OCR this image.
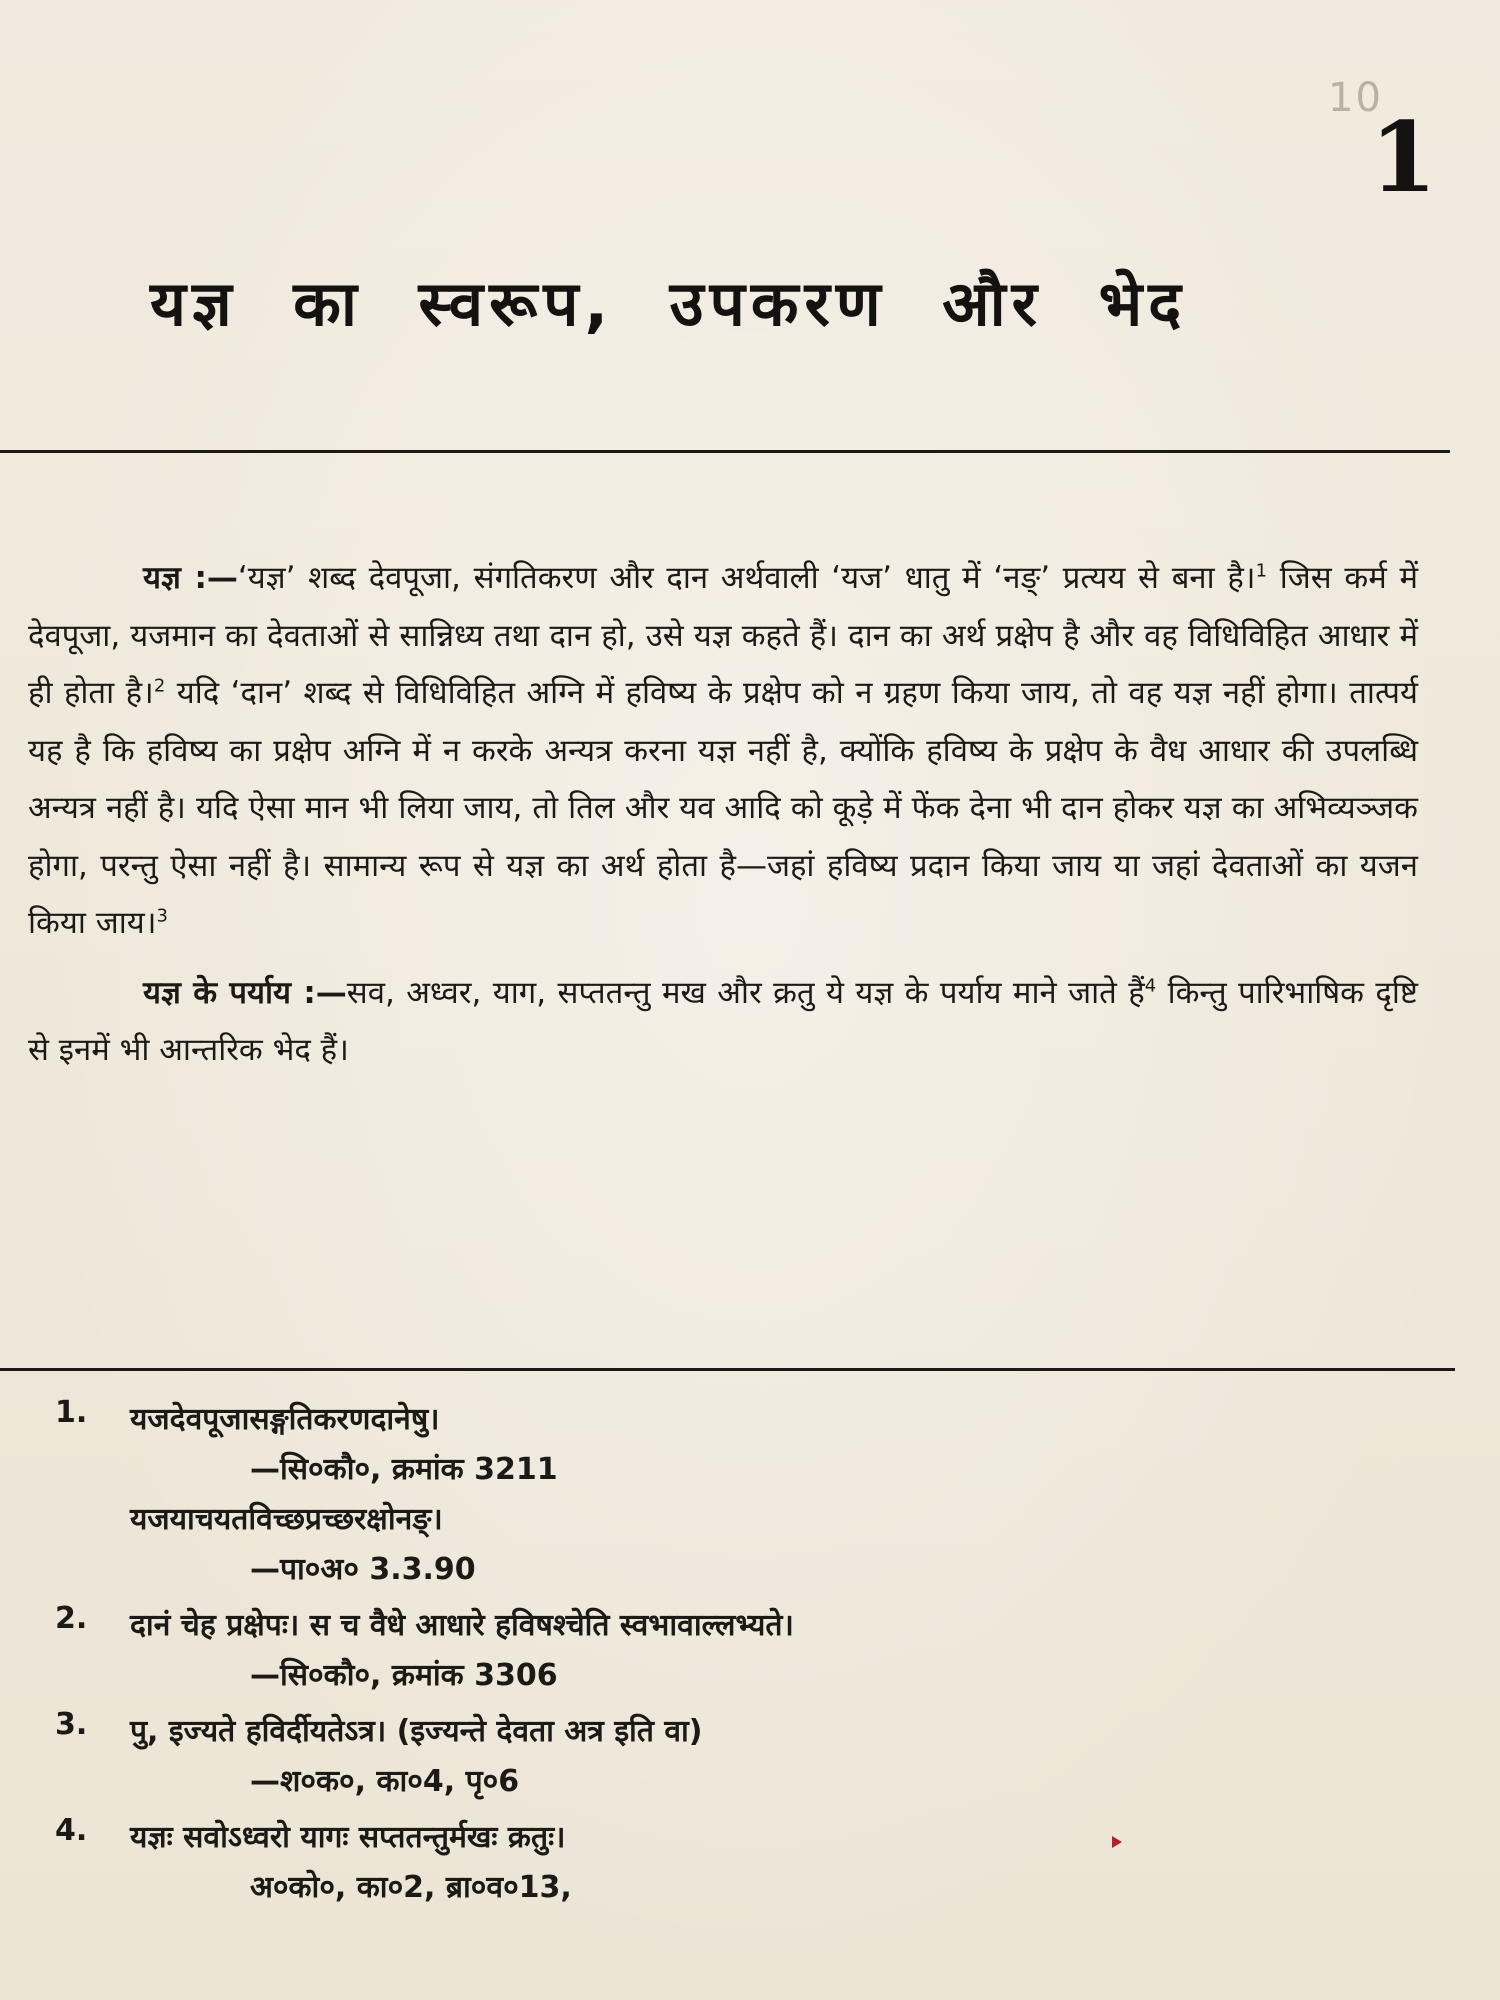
10
1
यज्ञ का स्वरूप, उपकरण और भेद

यज्ञ :—‘यज्ञ’ शब्द देवपूजा, संगतिकरण और दान अर्थवाली ‘यज’ धातु में ‘नङ्’ प्रत्यय से बना है।$^1$ जिस कर्म में देवपूजा, यजमान का देवताओं से सान्निध्य तथा दान हो, उसे यज्ञ कहते हैं। दान का अर्थ प्रक्षेप है और वह विधिविहित आधार में ही होता है।$^2$ यदि ‘दान’ शब्द से विधिविहित अग्नि में हविष्य के प्रक्षेप को न ग्रहण किया जाय, तो वह यज्ञ नहीं होगा। तात्पर्य यह है कि हविष्य का प्रक्षेप अग्नि में न करके अन्यत्र करना यज्ञ नहीं है, क्योंकि हविष्य के प्रक्षेप के वैध आधार की उपलब्धि अन्यत्र नहीं है। यदि ऐसा मान भी लिया जाय, तो तिल और यव आदि को कूड़े में फेंक देना भी दान होकर यज्ञ का अभिव्यञ्जक होगा, परन्तु ऐसा नहीं है। सामान्य रूप से यज्ञ का अर्थ होता है—जहां हविष्य प्रदान किया जाय या जहां देवताओं का यजन किया जाय।$^3$

यज्ञ के पर्याय :—सव, अध्वर, याग, सप्ततन्तु मख और क्रतु ये यज्ञ के पर्याय माने जाते हैं$^4$ किन्तु पारिभाषिक दृष्टि से इनमें भी आन्तरिक भेद हैं।

1. यजदेवपूजासङ्गतिकरणदानेषु।
—सि०कौ०, क्रमांक 3211
यजयाचयतविच्छप्रच्छरक्षोनङ्।
—पा०अ० 3.3.90
2. दानं चेह प्रक्षेपः। स च वैधे आधारे हविषश्चेति स्वभावाल्लभ्यते।
—सि०कौ०, क्रमांक 3306
3. पु, इज्यते हविर्दीयतेऽत्र। (इज्यन्ते देवता अत्र इति वा)
—श०क०, का०4, पृ०6
4. यज्ञः सवोऽध्वरो यागः सप्ततन्तुर्मखः क्रतुः।
अ०को०, का०2, ब्रा०व०13,
